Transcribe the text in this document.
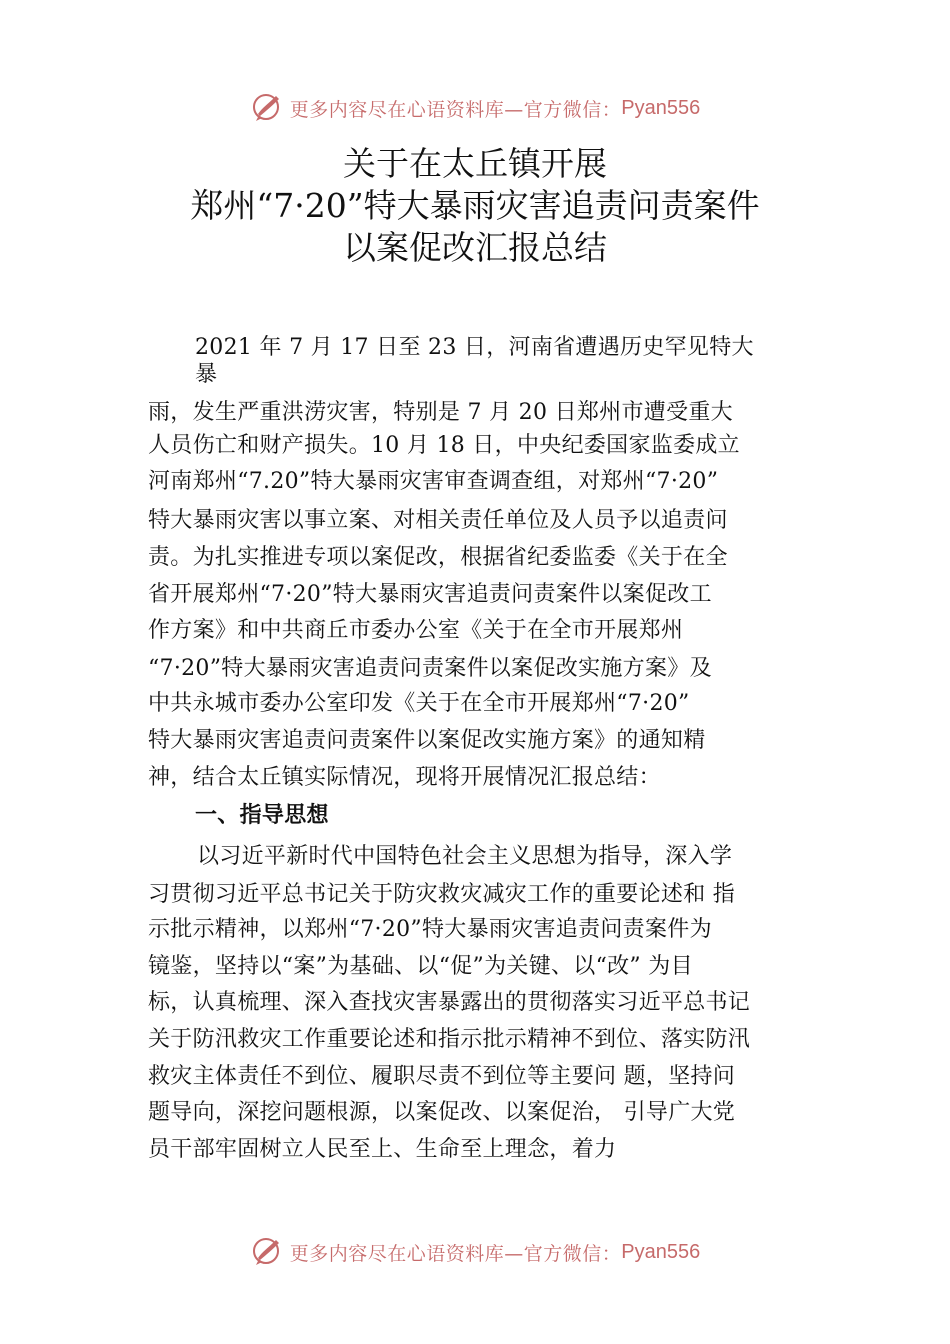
更多内容尽在心语资料库—官方微信： Pyan556
关于在太丘镇开展
郑州“7·20”特大暴雨灾害追责问责案件
以案促改汇报总结
2021 年 7 月 17 日至 23 日，河南省遭遇历史罕见特大
暴
雨，发生严重洪涝灾害，特别是 7 月 20 日郑州市遭受重大
人员伤亡和财产损失。10 月 18 日，中央纪委国家监委成立
河南郑州“7.20”特大暴雨灾害审查调查组，对郑州“7·20”
特大暴雨灾害以事立案、对相关责任单位及人员予以追责问
责。为扎实推进专项以案促改，根据省纪委监委《关于在全
省开展郑州“7·20”特大暴雨灾害追责问责案件以案促改工
作方案》和中共商丘市委办公室《关于在全市开展郑州
“7·20”特大暴雨灾害追责问责案件以案促改实施方案》及
中共永城市委办公室印发《关于在全市开展郑州“7·20”
特大暴雨灾害追责问责案件以案促改实施方案》的通知精
神，结合太丘镇实际情况，现将开展情况汇报总结：
一、指导思想
以习近平新时代中国特色社会主义思想为指导，深入学
习贯彻习近平总书记关于防灾救灾减灾工作的重要论述和 指
示批示精神，以郑州“7·20”特大暴雨灾害追责问责案件为
镜鉴，坚持以“案”为基础、以“促”为关键、以“改” 为目
标，认真梳理、深入查找灾害暴露出的贯彻落实习近平总书记
关于防汛救灾工作重要论述和指示批示精神不到位、落实防汛
救灾主体责任不到位、履职尽责不到位等主要问 题，坚持问
题导向，深挖问题根源，以案促改、以案促治， 引导广大党
员干部牢固树立人民至上、生命至上理念，着力
更多内容尽在心语资料库—官方微信： Pyan556
